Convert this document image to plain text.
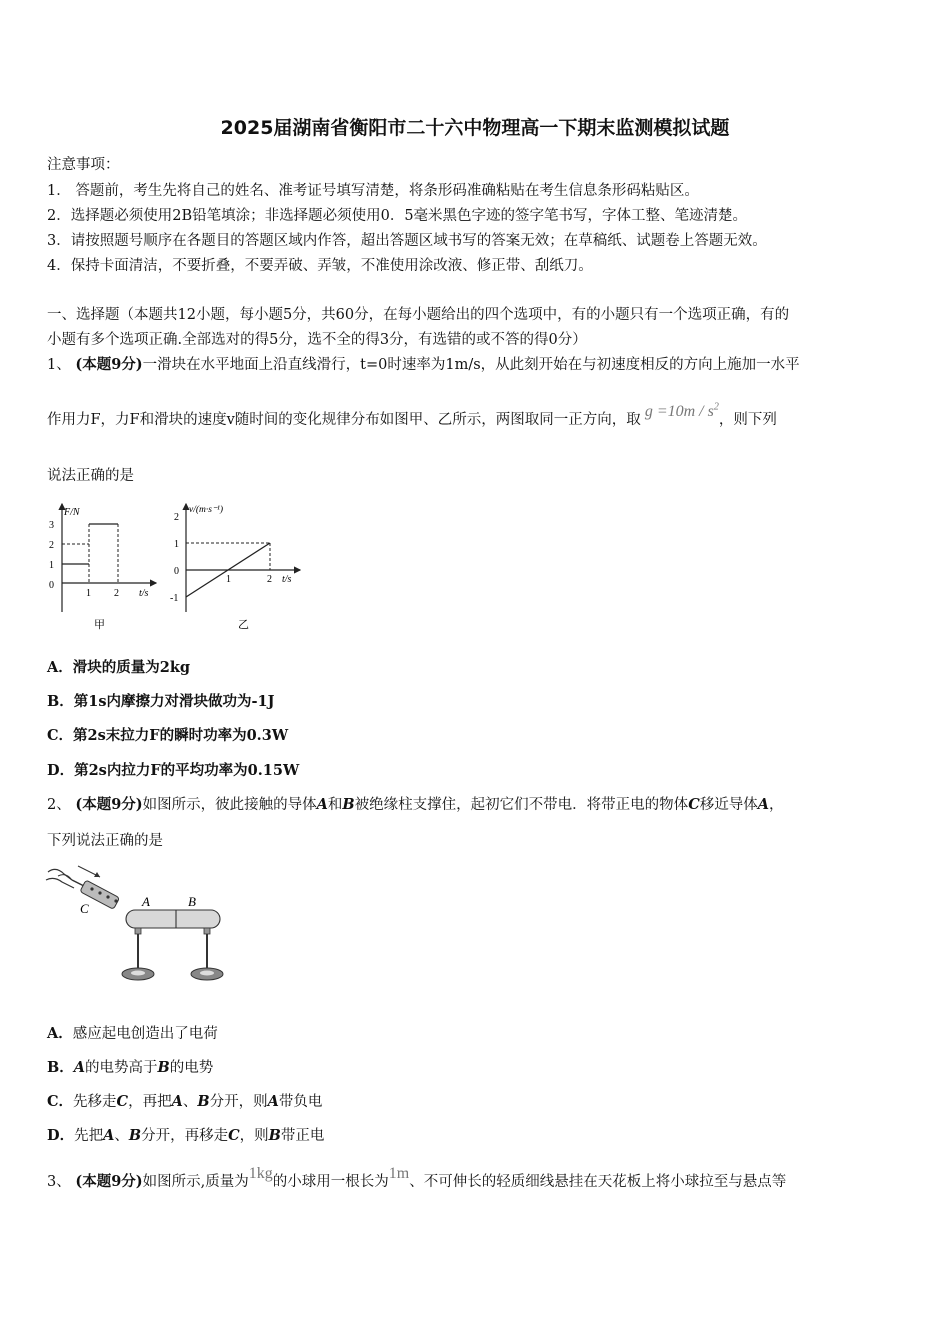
2025届湖南省衡阳市二十六中物理高一下期末监测模拟试题
注意事项：
1． 答题前，考生先将自己的姓名、准考证号填写清楚，将条形码准确粘贴在考生信息条形码粘贴区。
2．选择题必须使用2B铅笔填涂；非选择题必须使用0．5毫米黑色字迹的签字笔书写，字体工整、笔迹清楚。
3．请按照题号顺序在各题目的答题区域内作答，超出答题区域书写的答案无效；在草稿纸、试题卷上答题无效。
4．保持卡面清洁，不要折叠，不要弄破、弄皱，不准使用涂改液、修正带、刮纸刀。
一、选择题（本题共12小题，每小题5分，共60分，在每小题给出的四个选项中，有的小题只有一个选项正确，有的
小题有多个选项正确.全部选对的得5分，选不全的得3分，有选错的或不答的得0分）
1、 (本题9分)一滑块在水平地面上沿直线滑行，t=0时速率为1m/s，从此刻开始在与初速度相反的方向上施加一水平
作用力F，力F和滑块的速度v随时间的变化规律分布如图甲、乙所示，两图取同一正方向，取 $g =10m / s^2$，则下列
说法正确的是
F/N
t/s
3
2
1
0
1 2
甲
v/(m·s⁻¹)
t/s
2
1
0
-1
1	2
乙
A．滑块的质量为2kg
B．第1s内摩擦力对滑块做功为-1J
C．第2s末拉力F的瞬时功率为0.3W
D．第2s内拉力F的平均功率为0.15W
2、 (本题9分)如图所示，彼此接触的导体A和B被绝缘柱支撑住，起初它们不带电．将带正电的物体C移近导体A，
下列说法正确的是
C	A	B
A．感应起电创造出了电荷
B．A的电势高于B的电势
C．先移走C，再把A、B分开，则A带负电
D．先把A、B分开，再移走C，则B带正电
3、 (本题9分)如图所示,质量为1kg的小球用一根长为1m、不可伸长的轻质细线悬挂在天花板上将小球拉至与悬点等
